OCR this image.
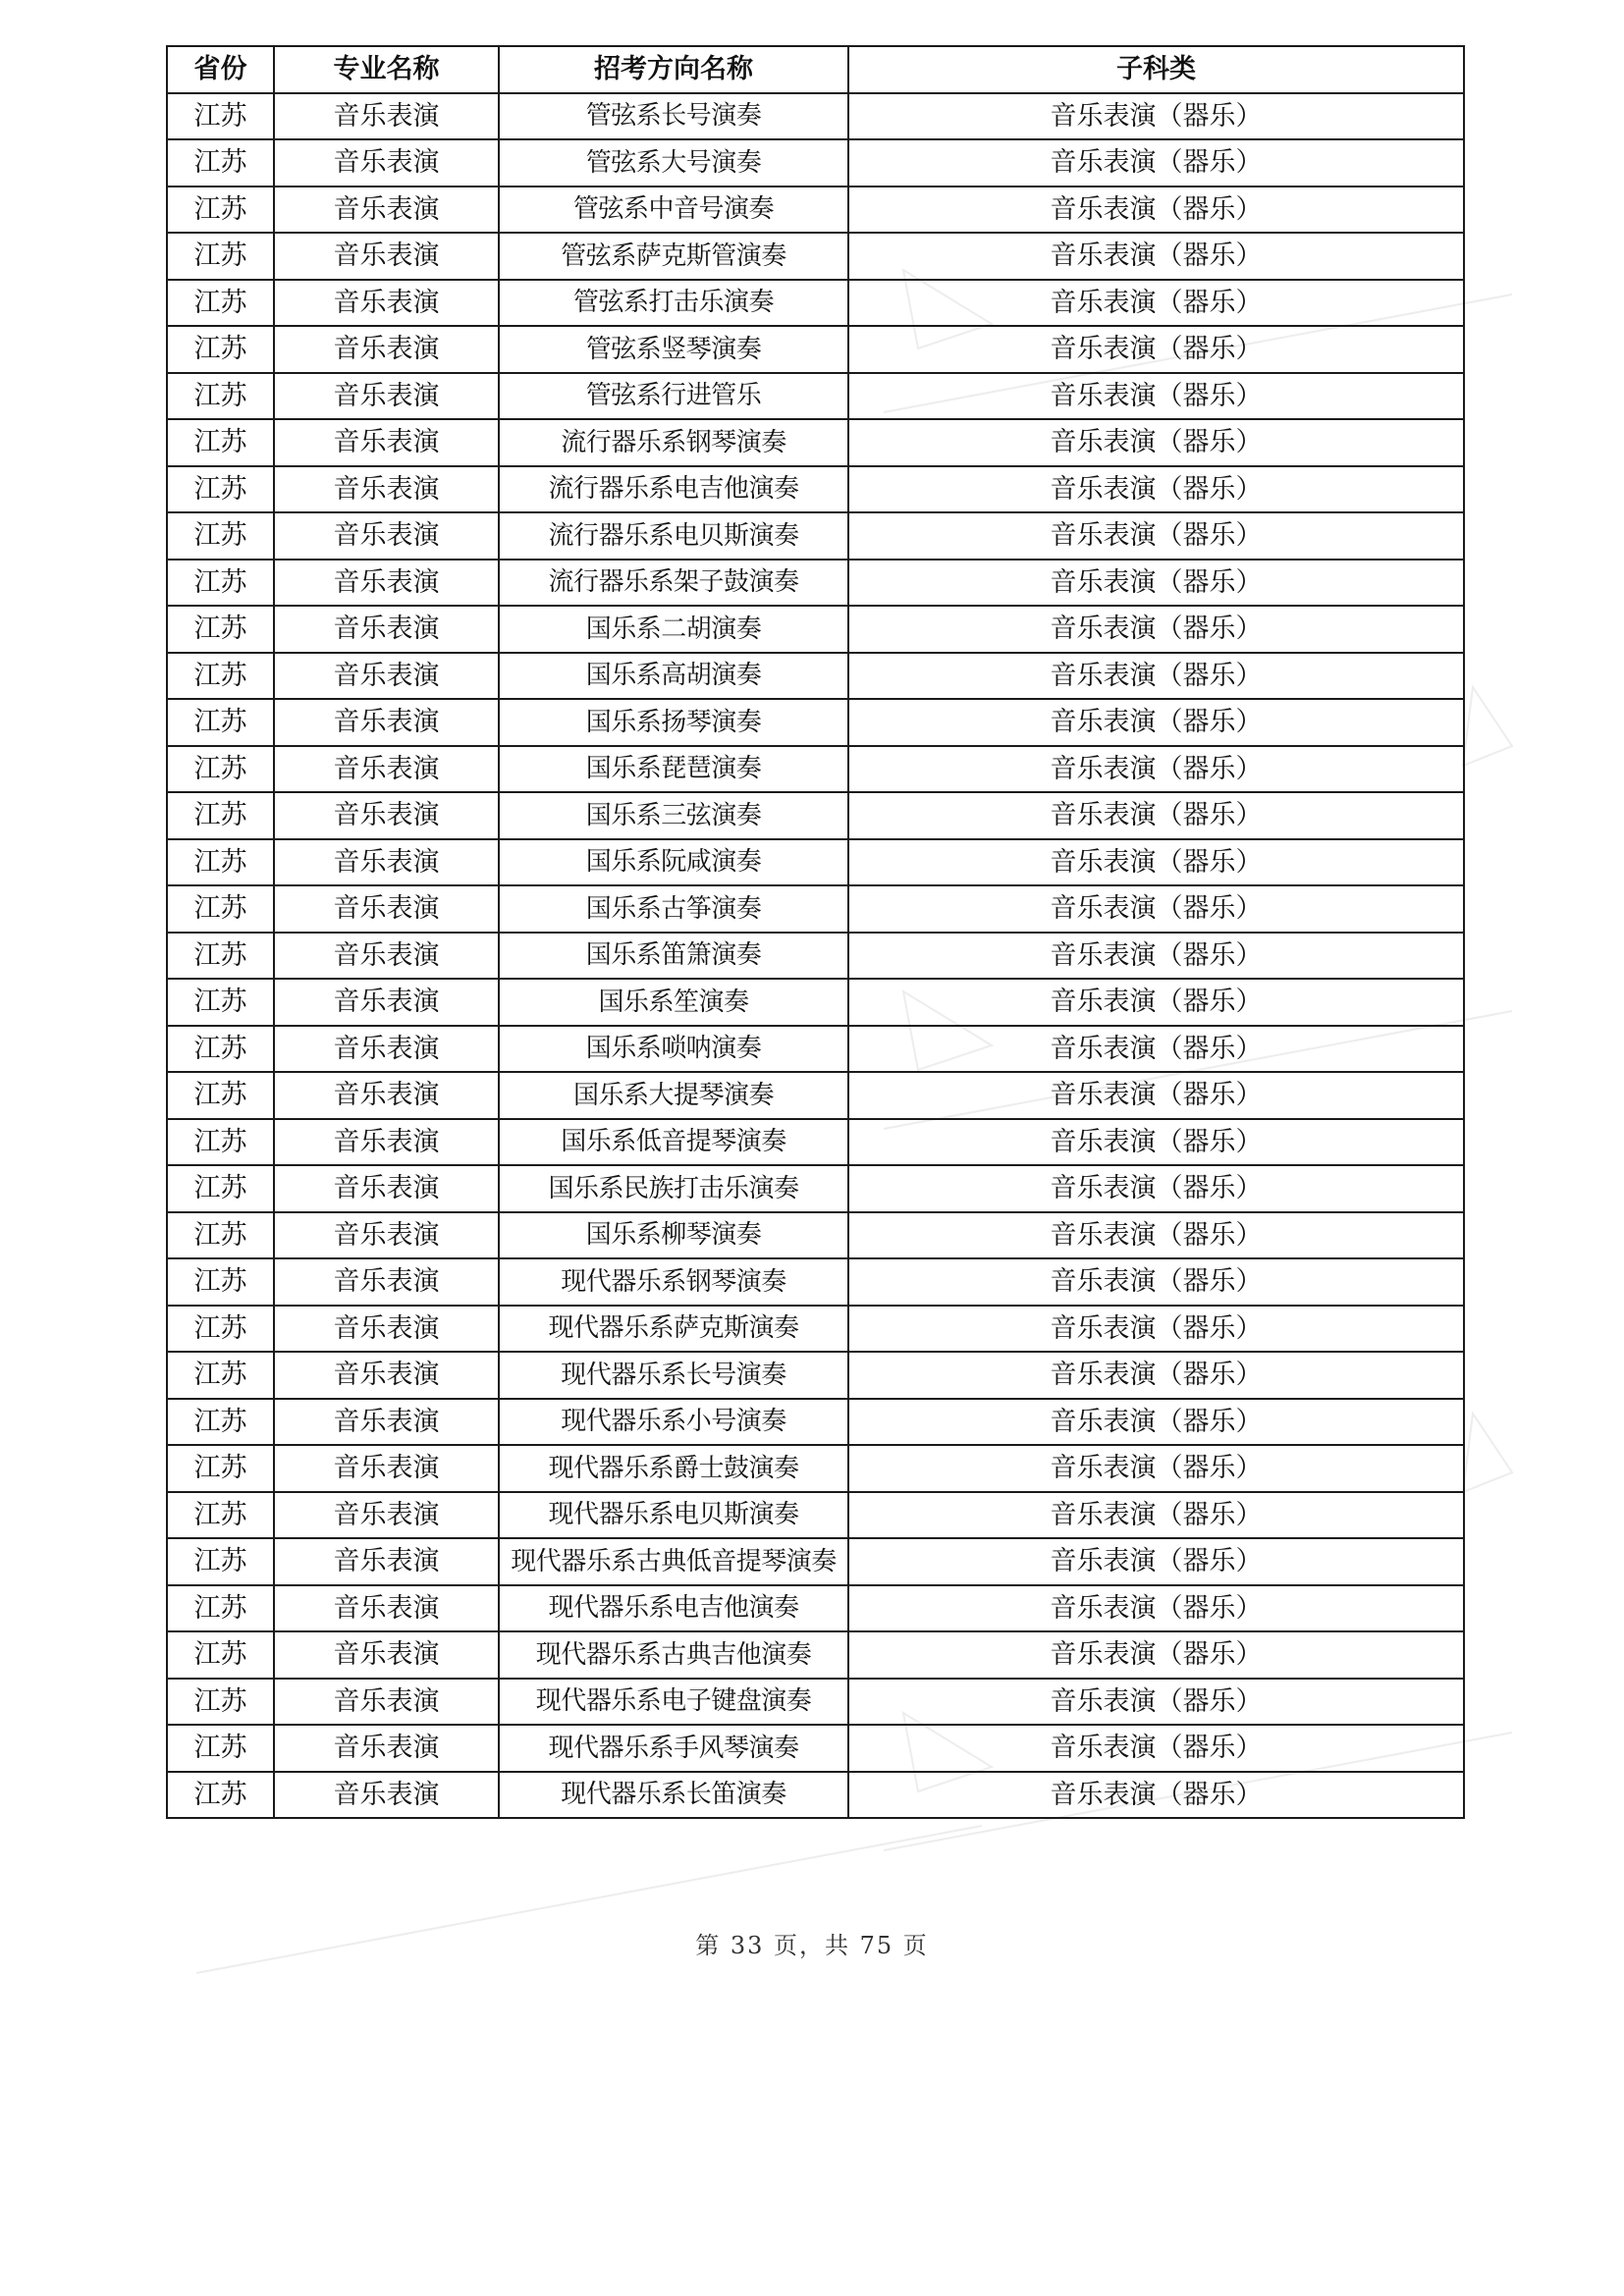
省份	专业名称	招考方向名称	子科类
江苏	音乐表演	管弦系长号演奏	音乐表演（器乐）
江苏	音乐表演	管弦系大号演奏	音乐表演（器乐）
江苏	音乐表演	管弦系中音号演奏	音乐表演（器乐）
江苏	音乐表演	管弦系萨克斯管演奏	音乐表演（器乐）
江苏	音乐表演	管弦系打击乐演奏	音乐表演（器乐）
江苏	音乐表演	管弦系竖琴演奏	音乐表演（器乐）
江苏	音乐表演	管弦系行进管乐	音乐表演（器乐）
江苏	音乐表演	流行器乐系钢琴演奏	音乐表演（器乐）
江苏	音乐表演	流行器乐系电吉他演奏	音乐表演（器乐）
江苏	音乐表演	流行器乐系电贝斯演奏	音乐表演（器乐）
江苏	音乐表演	流行器乐系架子鼓演奏	音乐表演（器乐）
江苏	音乐表演	国乐系二胡演奏	音乐表演（器乐）
江苏	音乐表演	国乐系高胡演奏	音乐表演（器乐）
江苏	音乐表演	国乐系扬琴演奏	音乐表演（器乐）
江苏	音乐表演	国乐系琵琶演奏	音乐表演（器乐）
江苏	音乐表演	国乐系三弦演奏	音乐表演（器乐）
江苏	音乐表演	国乐系阮咸演奏	音乐表演（器乐）
江苏	音乐表演	国乐系古筝演奏	音乐表演（器乐）
江苏	音乐表演	国乐系笛箫演奏	音乐表演（器乐）
江苏	音乐表演	国乐系笙演奏	音乐表演（器乐）
江苏	音乐表演	国乐系唢呐演奏	音乐表演（器乐）
江苏	音乐表演	国乐系大提琴演奏	音乐表演（器乐）
江苏	音乐表演	国乐系低音提琴演奏	音乐表演（器乐）
江苏	音乐表演	国乐系民族打击乐演奏	音乐表演（器乐）
江苏	音乐表演	国乐系柳琴演奏	音乐表演（器乐）
江苏	音乐表演	现代器乐系钢琴演奏	音乐表演（器乐）
江苏	音乐表演	现代器乐系萨克斯演奏	音乐表演（器乐）
江苏	音乐表演	现代器乐系长号演奏	音乐表演（器乐）
江苏	音乐表演	现代器乐系小号演奏	音乐表演（器乐）
江苏	音乐表演	现代器乐系爵士鼓演奏	音乐表演（器乐）
江苏	音乐表演	现代器乐系电贝斯演奏	音乐表演（器乐）
江苏	音乐表演	现代器乐系古典低音提琴演奏	音乐表演（器乐）
江苏	音乐表演	现代器乐系电吉他演奏	音乐表演（器乐）
江苏	音乐表演	现代器乐系古典吉他演奏	音乐表演（器乐）
江苏	音乐表演	现代器乐系电子键盘演奏	音乐表演（器乐）
江苏	音乐表演	现代器乐系手风琴演奏	音乐表演（器乐）
江苏	音乐表演	现代器乐系长笛演奏	音乐表演（器乐）
第 33 页，共 75 页
